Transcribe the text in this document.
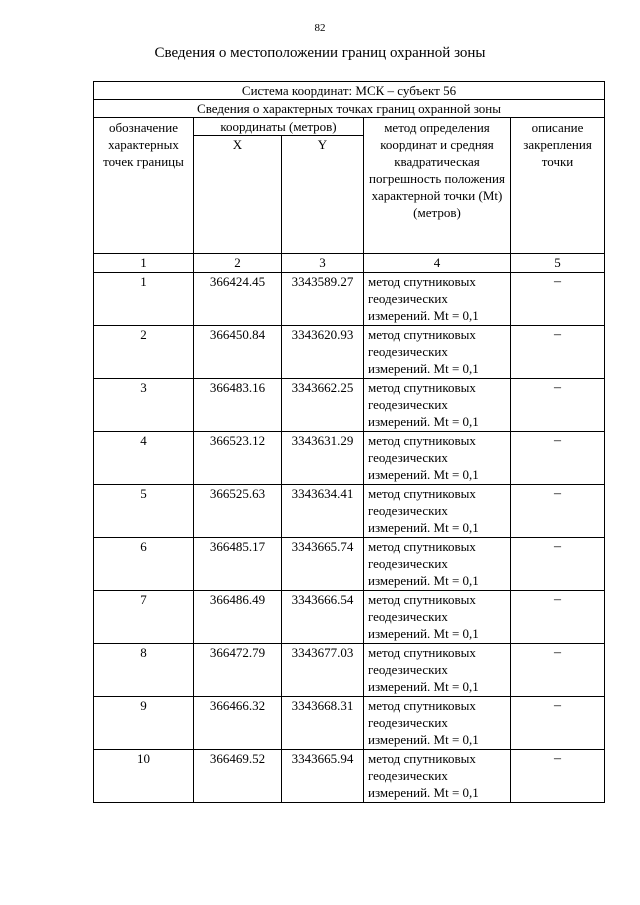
82
Сведения о местоположении границ охранной зоны
Система координат: МСК – субъект 56				
Сведения о характерных точках границ охранной зоны				
обозначение характерных точек границы	координаты (метров)		метод определения координат и средняя квадратическая погрешность положения характерной точки (Mt) (метров)	описание закрепления точки
	X	Y		
1	2	3	4	5
1	366424.45	3343589.27	метод спутниковых геодезических измерений. Mt = 0,1	–
2	366450.84	3343620.93	метод спутниковых геодезических измерений. Mt = 0,1	–
3	366483.16	3343662.25	метод спутниковых геодезических измерений. Mt = 0,1	–
4	366523.12	3343631.29	метод спутниковых геодезических измерений. Mt = 0,1	–
5	366525.63	3343634.41	метод спутниковых геодезических измерений. Mt = 0,1	–
6	366485.17	3343665.74	метод спутниковых геодезических измерений. Mt = 0,1	–
7	366486.49	3343666.54	метод спутниковых геодезических измерений. Mt = 0,1	–
8	366472.79	3343677.03	метод спутниковых геодезических измерений. Mt = 0,1	–
9	366466.32	3343668.31	метод спутниковых геодезических измерений. Mt = 0,1	–
10	366469.52	3343665.94	метод спутниковых геодезических измерений. Mt = 0,1	–
